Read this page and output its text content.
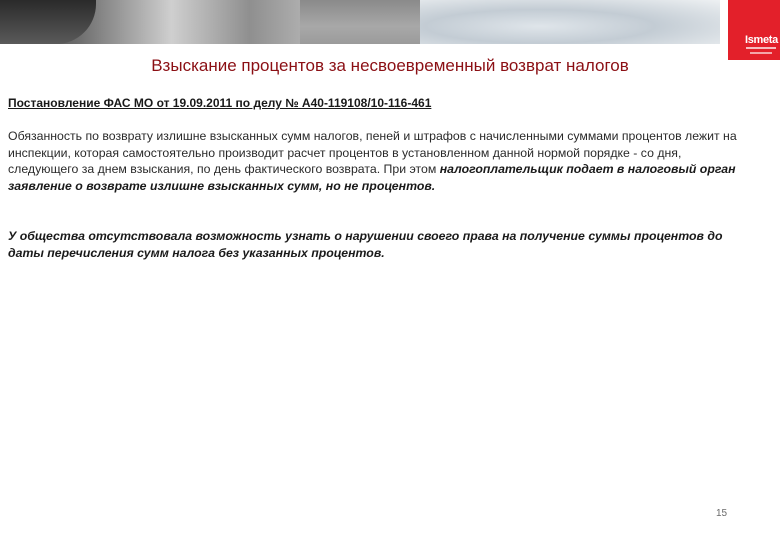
Ismeta
Взыскание процентов за несвоевременный возврат налогов
Постановление ФАС МО от 19.09.2011 по делу № А40-119108/10-116-461
Обязанность по возврату излишне взысканных сумм налогов, пеней и штрафов с начисленными суммами процентов лежит на инспекции, которая самостоятельно производит расчет процентов в установленном данной нормой порядке - со дня, следующего за днем взыскания, по день фактического возврата. При этом налогоплательщик подает в налоговый орган заявление о возврате излишне взысканных сумм, но не процентов.
У общества отсутствовала возможность узнать о нарушении своего права на получение суммы процентов до даты перечисления сумм налога без указанных процентов.
15
